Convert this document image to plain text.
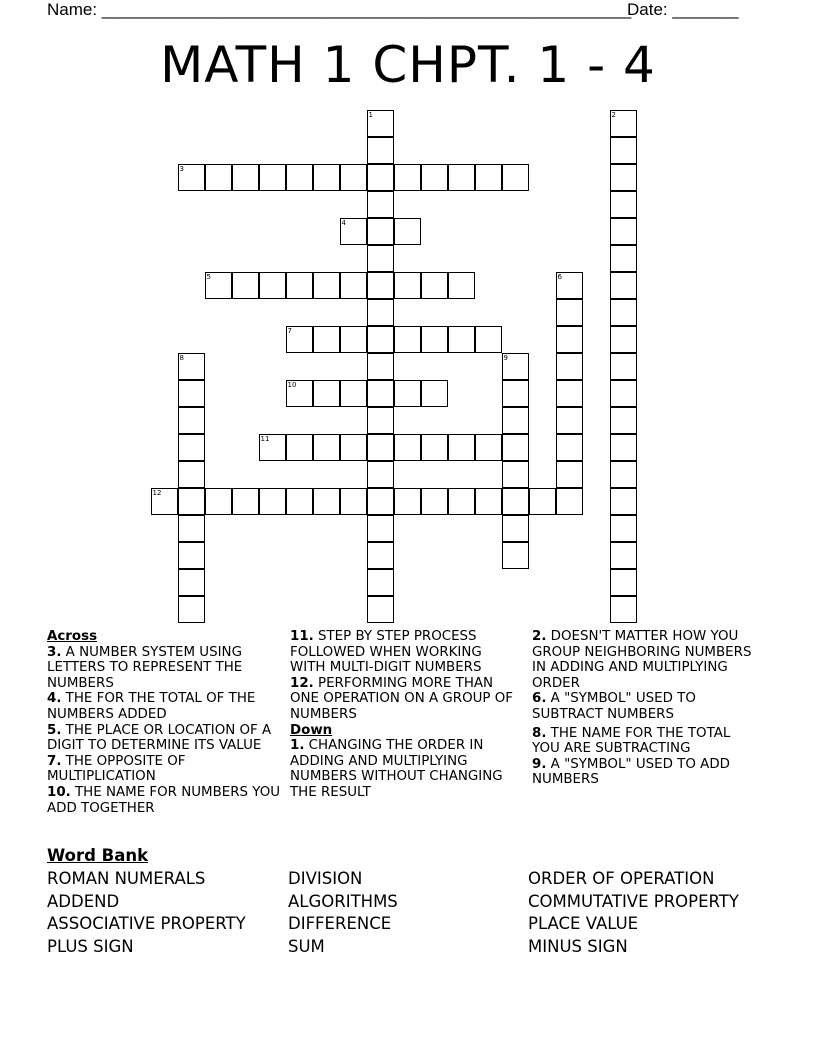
Name: ________________________________________________________
Date: _______
MATH 1 CHPT. 1 - 4
1	2
3
4
5	6
7
8	9
10
11
12
Across
3. A NUMBER SYSTEM USING LETTERS TO REPRESENT THE NUMBERS
4. THE FOR THE TOTAL OF THE NUMBERS ADDED
5. THE PLACE OR LOCATION OF A DIGIT TO DETERMINE ITS VALUE
7. THE OPPOSITE OF MULTIPLICATION
10. THE NAME FOR NUMBERS YOU ADD TOGETHER
11. STEP BY STEP PROCESS FOLLOWED WHEN WORKING WITH MULTI-DIGIT NUMBERS
12. PERFORMING MORE THAN ONE OPERATION ON A GROUP OF NUMBERS
Down
1. CHANGING THE ORDER IN ADDING AND MULTIPLYING NUMBERS WITHOUT CHANGING THE RESULT
2. DOESN'T MATTER HOW YOU GROUP NEIGHBORING NUMBERS IN ADDING AND MULTIPLYING ORDER
6. A "SYMBOL" USED TO SUBTRACT NUMBERS
8. THE NAME FOR THE TOTAL YOU ARE SUBTRACTING
9. A "SYMBOL" USED TO ADD NUMBERS
Word Bank
ROMAN NUMERALS
ADDEND
ASSOCIATIVE PROPERTY
PLUS SIGN
DIVISION
ALGORITHMS
DIFFERENCE
SUM
ORDER OF OPERATION
COMMUTATIVE PROPERTY
PLACE VALUE
MINUS SIGN
